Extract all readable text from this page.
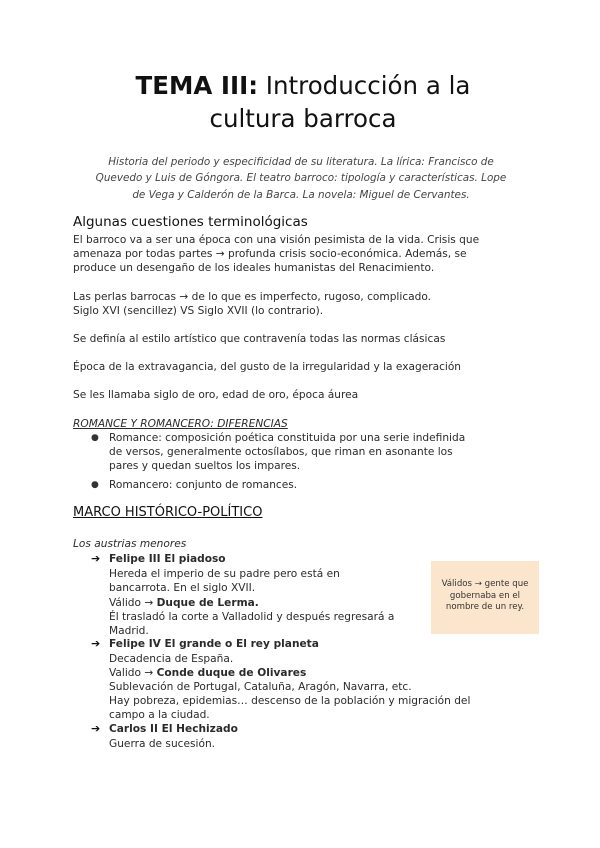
TEMA III: Introducción a la
cultura barroca
Historia del periodo y especificidad de su literatura. La lírica: Francisco de
Quevedo y Luis de Góngora. El teatro barroco: tipología y características. Lope
de Vega y Calderón de la Barca. La novela: Miguel de Cervantes.
Algunas cuestiones terminológicas
El barroco va a ser una época con una visión pesimista de la vida. Crisis que
amenaza por todas partes → profunda crisis socio-económica. Además, se
produce un desengaño de los ideales humanistas del Renacimiento.
Las perlas barrocas → de lo que es imperfecto, rugoso, complicado.
Siglo XVI (sencillez) VS Siglo XVII (lo contrario).
Se definía al estilo artístico que contravenía todas las normas clásicas
Época de la extravagancia, del gusto de la irregularidad y la exageración
Se les llamaba siglo de oro, edad de oro, época áurea
ROMANCE Y ROMANCERO: DIFERENCIAS
● Romance: composición poética constituida por una serie indefinida
de versos, generalmente octosílabos, que riman en asonante los
pares y quedan sueltos los impares.
● Romancero: conjunto de romances.
MARCO HISTÓRICO-POLÍTICO
Los austrias menores
➔ Felipe III El piadoso
Heredа el imperio de su padre pero está en
bancarrota. En el siglo XVII.
Válido → Duque de Lerma.
Él trasladó la corte a Valladolid y después regresará a
Madrid.
➔ Felipe IV El grande o El rey planeta
Decadencia de España.
Valido → Conde duque de Olivares
Sublevación de Portugal, Cataluña, Aragón, Navarra, etc.
Hay pobreza, epidemias… descenso de la población y migración del
campo a la ciudad.
➔ Carlos II El Hechizado
Guerra de sucesión.
Válidos → gente que
gobernaba en el
nombre de un rey.
